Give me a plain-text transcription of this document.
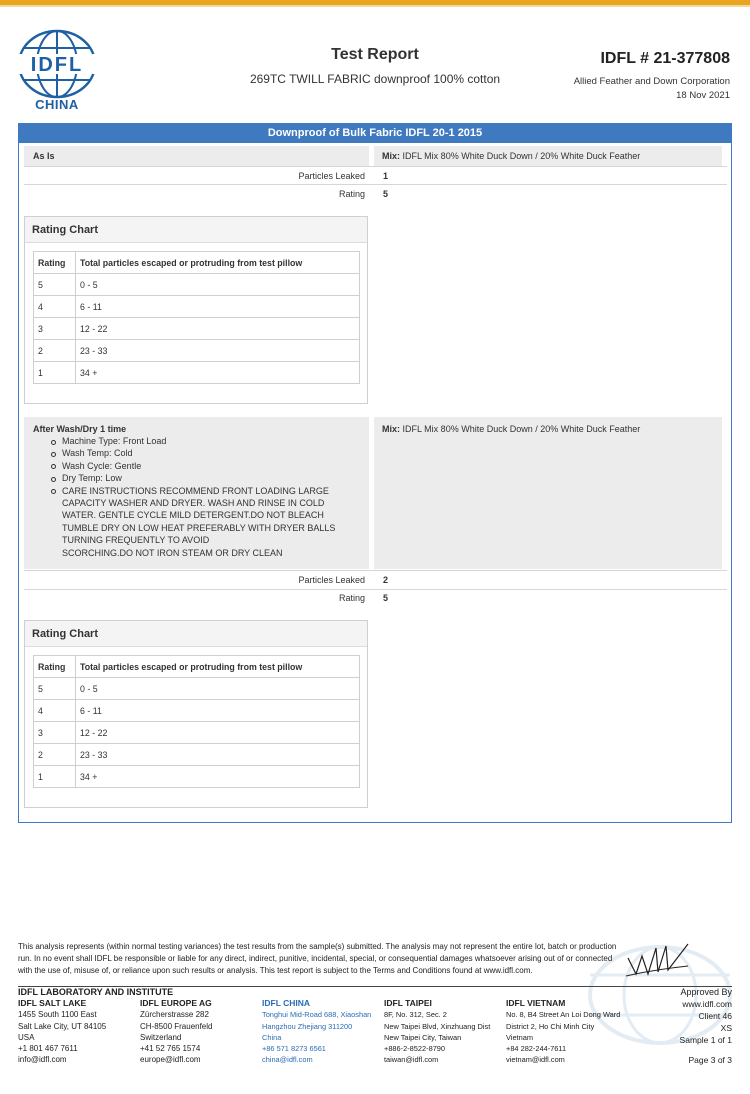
IDFL
CHINA
Test Report
269TC TWILL FABRIC downproof 100% cotton
IDFL # 21-377808
Allied Feather and Down Corporation
18 Nov 2021
Downproof of Bulk Fabric IDFL 20-1 2015
As Is	Mix: IDFL Mix 80% White Duck Down / 20% White Duck Feather
Particles Leaked 1
Rating 5
Rating Chart
Rating	Total particles escaped or protruding from test pillow
5	0 - 5
4	6 - 11
3	12 - 22
2	23 - 33
1	34 +
After Wash/Dry 1 time
Machine Type: Front Load
Wash Temp: Cold
Wash Cycle: Gentle
Dry Temp: Low
CARE INSTRUCTIONS RECOMMEND FRONT LOADING LARGE
CAPACITY WASHER AND DRYER. WASH AND RINSE IN COLD
WATER. GENTLE CYCLE MILD DETERGENT.DO NOT BLEACH
TUMBLE DRY ON LOW HEAT PREFERABLY WITH DRYER BALLS
TURNING FREQUENTLY TO AVOID
SCORCHING.DO NOT IRON STEAM OR DRY CLEAN
Mix: IDFL Mix 80% White Duck Down / 20% White Duck Feather
Particles Leaked 2
Rating 5
Rating Chart
Rating	Total particles escaped or protruding from test pillow
5	0 - 5
4	6 - 11
3	12 - 22
2	23 - 33
1	34 +
This analysis represents (within normal testing variances) the test results from the sample(s) submitted. The analysis may not represent the entire lot, batch or production run. In no event shall IDFL be responsible or liable for any direct, indirect, punitive, incidental, special, or consequential damages whatsoever arising out of or connected with the use of, misuse of, or reliance upon such results or analysis. This test report is subject to the Terms and Conditions found at www.idfl.com.
IDFL LABORATORY AND INSTITUTE	Approved By
IDFL SALT LAKE
1455 South 1100 East
Salt Lake City, UT 84105
USA
+1 801 467 7611
info@idfl.com
IDFL EUROPE AG
Zürcherstrasse 282
CH-8500 Frauenfeld
Switzerland
+41 52 765 1574
europe@idfl.com
IDFL CHINA
Tonghui Mid-Road 688, Xiaoshan
Hangzhou Zhejiang 311200
China
+86 571 8273 6561
china@idfl.com
IDFL TAIPEI
8F, No. 312, Sec. 2
New Taipei Blvd, Xinzhuang Dist
New Taipei City, Taiwan
+886-2-8522-8790
taiwan@idfl.com
IDFL VIETNAM
No. 8, B4 Street An Loi Dong Ward
District 2, Ho Chi Minh City
Vietnam
+84 282-244-7611
vietnam@idfl.com
www.idfl.com
Client 46
XS
Sample 1 of 1
Page 3 of 3
